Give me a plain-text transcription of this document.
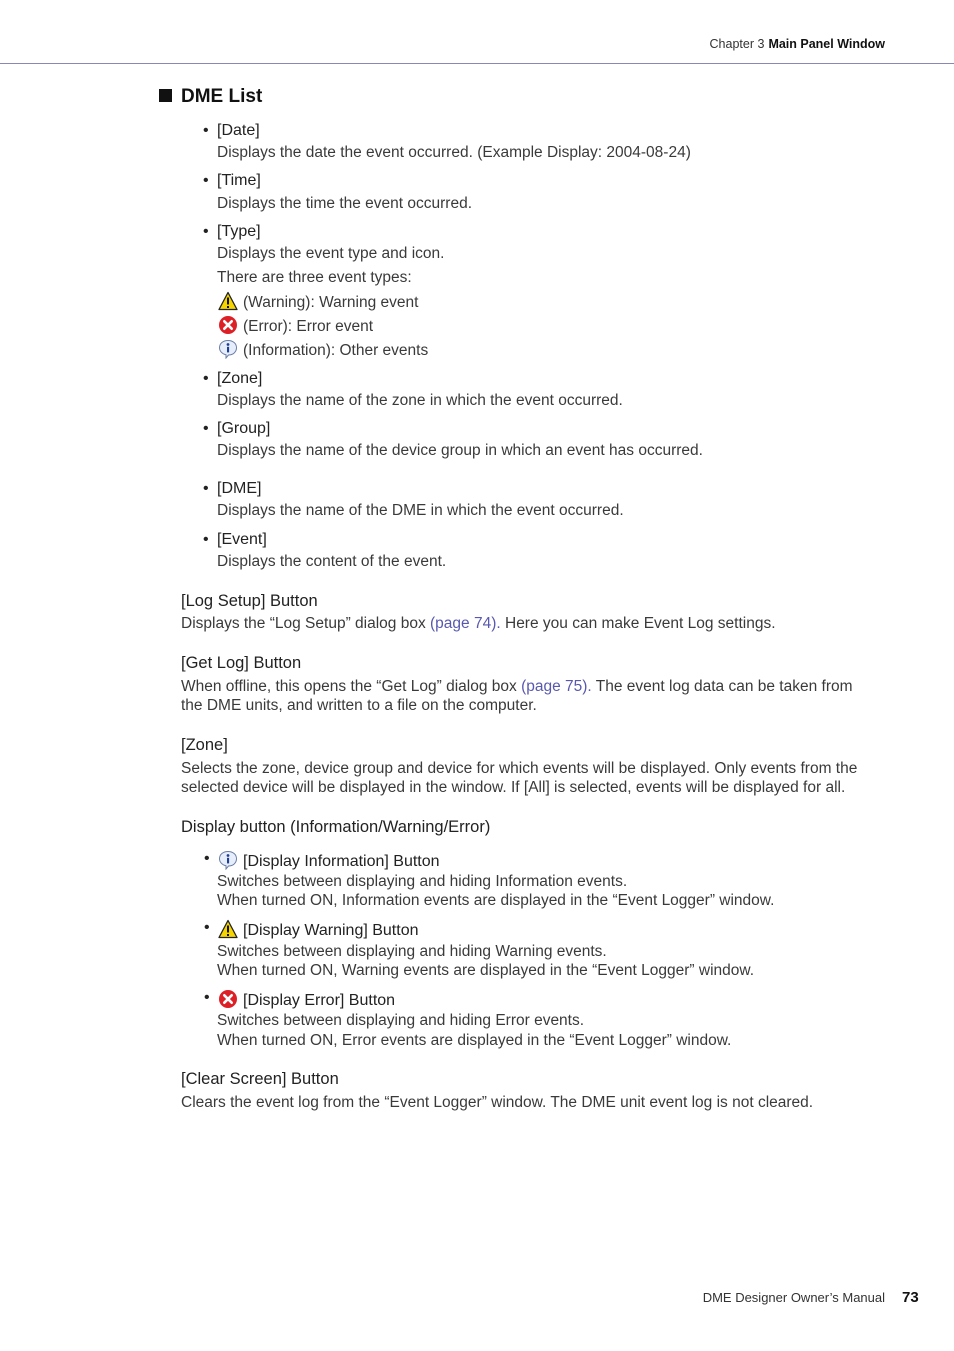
Chapter 3 Main Panel Window
DME List
• [Date]
Displays the date the event occurred. (Example Display: 2004-08-24)
• [Time]
Displays the time the event occurred.
• [Type]
Displays the event type and icon.
There are three event types:
(Warning): Warning event
(Error): Error event
(Information): Other events
• [Zone]
Displays the name of the zone in which the event occurred.
• [Group]
Displays the name of the device group in which an event has occurred.
• [DME]
Displays the name of the DME in which the event occurred.
• [Event]
Displays the content of the event.
[Log Setup] Button
Displays the “Log Setup” dialog box (page 74). Here you can make Event Log settings.
[Get Log] Button
When offline, this opens the “Get Log” dialog box (page 75). The event log data can be taken from
the DME units, and written to a file on the computer.
[Zone]
Selects the zone, device group and device for which events will be displayed. Only events from the
selected device will be displayed in the window. If [All] is selected, events will be displayed for all.
Display button (Information/Warning/Error)
• [Display Information] Button
Switches between displaying and hiding Information events.
When turned ON, Information events are displayed in the “Event Logger” window.
• [Display Warning] Button
Switches between displaying and hiding Warning events.
When turned ON, Warning events are displayed in the “Event Logger” window.
• [Display Error] Button
Switches between displaying and hiding Error events.
When turned ON, Error events are displayed in the “Event Logger” window.
[Clear Screen] Button
Clears the event log from the “Event Logger” window. The DME unit event log is not cleared.
DME Designer Owner’s Manual 73
